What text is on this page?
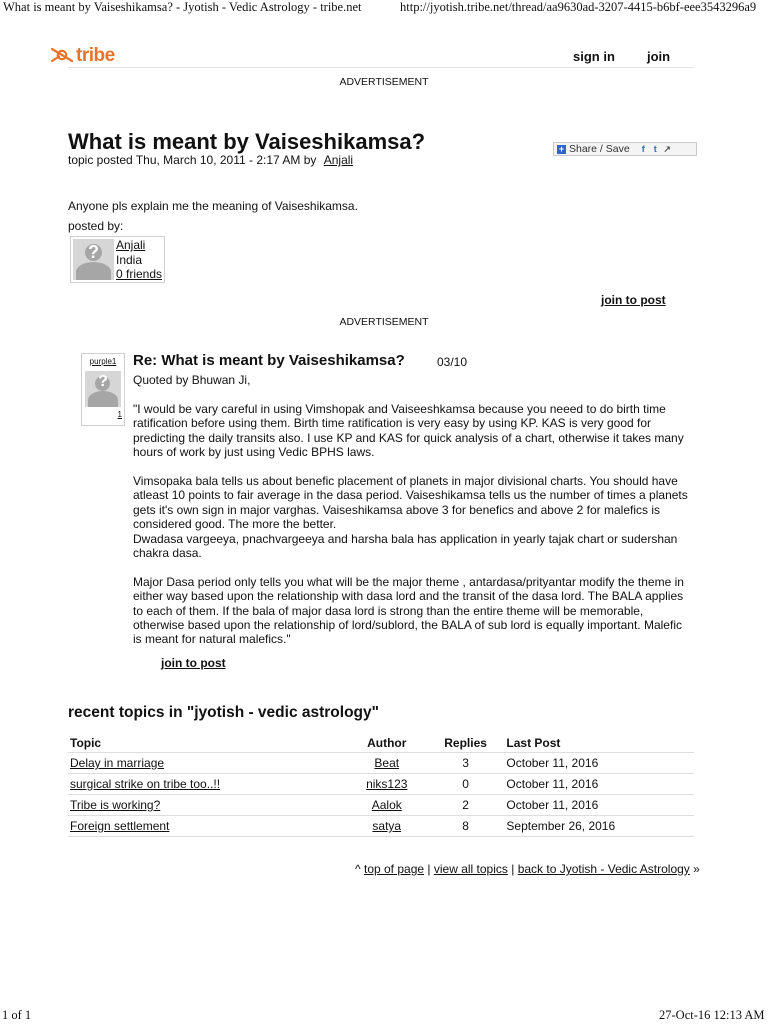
What is meant by Vaiseshikamsa? - Jyotish - Vedic Astrology - tribe.net	http://jyotish.tribe.net/thread/aa9630ad-3207-4415-b6bf-eee3543296a9
tribe	sign in join
ADVERTISEMENT
What is meant by Vaiseshikamsa?
topic posted Thu, March 10, 2011 - 2:17 AM by Anjali
+ Share / Save	f	t ↗
Anyone pls explain me the meaning of Vaiseshikamsa.
posted by:
?	Anjali
India
0 friends
join to post
ADVERTISEMENT
purple1
?
1
Re: What is meant by Vaiseshikamsa?	03/10
Quoted by Bhuwan Ji,

"I would be vary careful in using Vimshopak and Vaiseeshkamsa because you neeed to do birth time ratification before using them. Birth time ratification is very easy by using KP. KAS is very good for predicting the daily transits also. I use KP and KAS for quick analysis of a chart, otherwise it takes many hours of work by just using Vedic BPHS laws.

Vimsopaka bala tells us about benefic placement of planets in major divisional charts. You should have atleast 10 points to fair average in the dasa period. Vaiseshikamsa tells us the number of times a planets gets it's own sign in major varghas. Vaiseshikamsa above 3 for benefics and above 2 for malefics is considered good. The more the better.

Dwadasa vargeeya, pnachvargeeya and harsha bala has application in yearly tajak chart or sudershan chakra dasa.

Major Dasa period only tells you what will be the major theme , antardasa/prityantar modify the theme in either way based upon the relationship with dasa lord and the transit of the dasa lord. The BALA applies to each of them. If the bala of major dasa lord is strong than the entire theme will be memorable, otherwise based upon the relationship of lord/sublord, the BALA of sub lord is equally important. Malefic is meant for natural malefics."

join to post
recent topics in "jyotish - vedic astrology"
Topic	Author	Replies	Last Post
Delay in marriage	Beat	3	October 11, 2016
surgical strike on tribe too..!!	niks123	0	October 11, 2016
Tribe is working?	Aalok	2	October 11, 2016
Foreign settlement	satya	8	September 26, 2016
^ top of page | view all topics | back to Jyotish - Vedic Astrology »
1 of 1	27-Oct-16 12:13 AM
